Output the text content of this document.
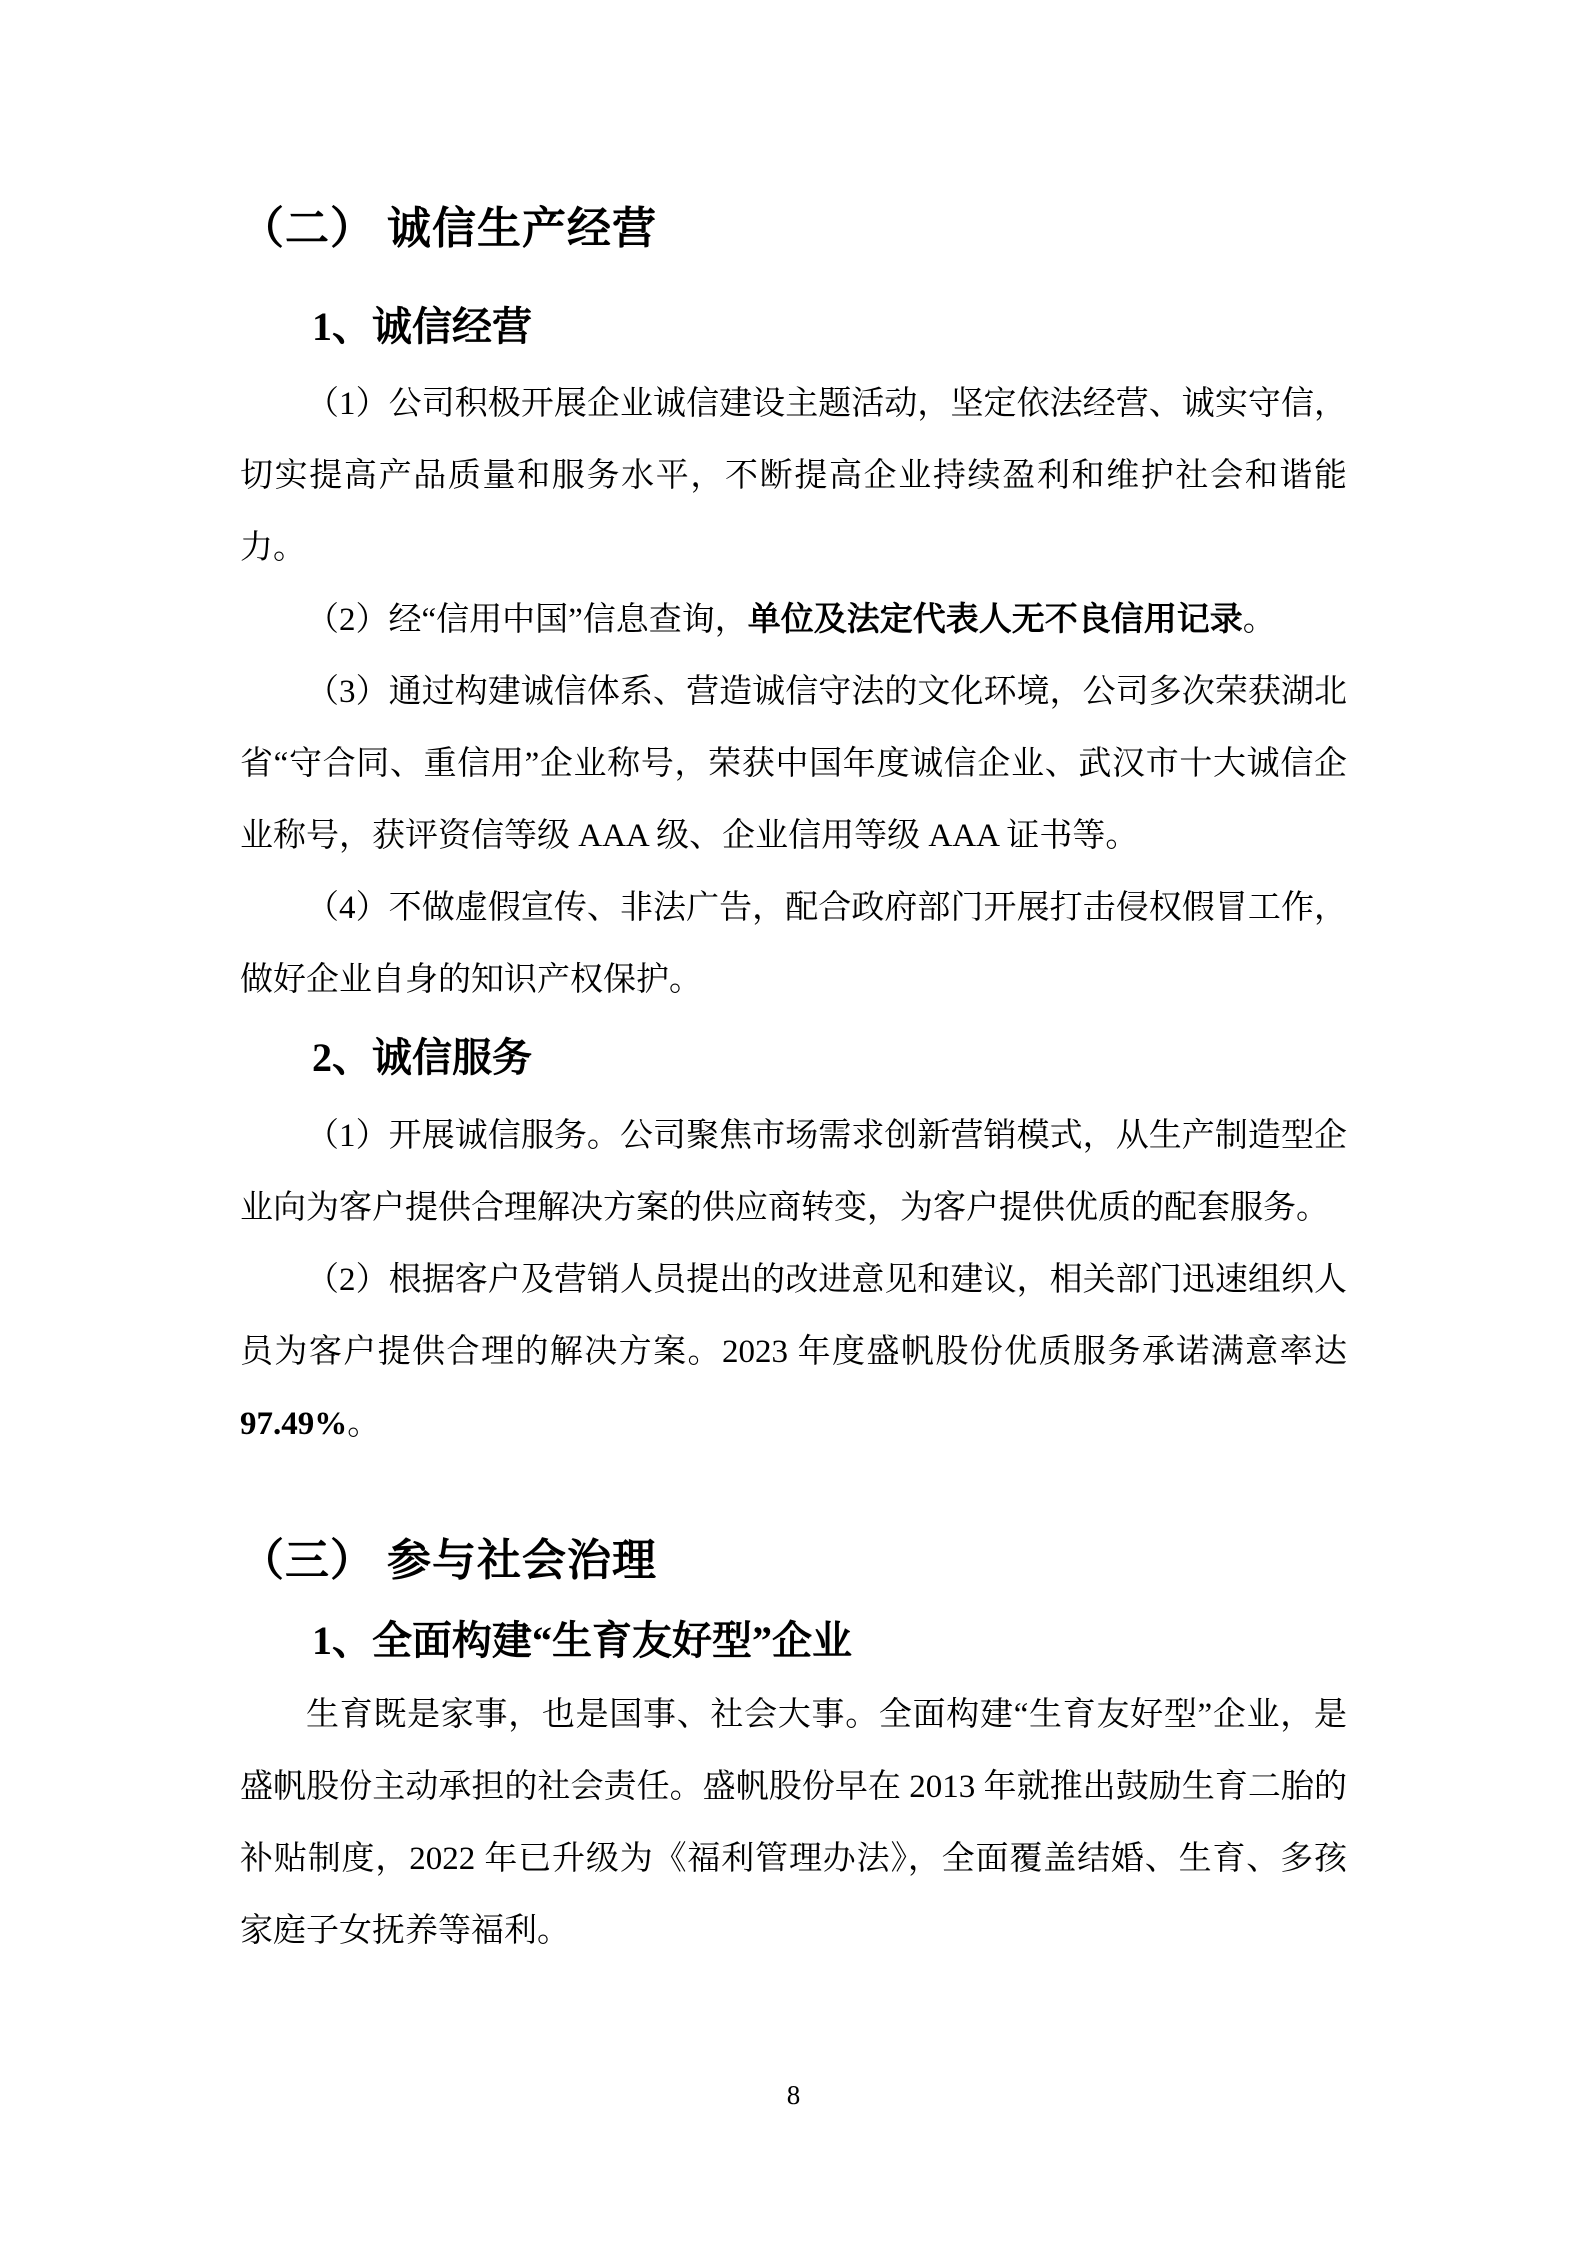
（二） 诚信生产经营
1、诚信经营

（1）公司积极开展企业诚信建设主题活动，坚定依法经营、诚实守信，切实提高产品质量和服务水平，不断提高企业持续盈利和维护社会和谐能力。

（2）经“信用中国”信息查询，单位及法定代表人无不良信用记录。

（3）通过构建诚信体系、营造诚信守法的文化环境，公司多次荣获湖北省“守合同、重信用”企业称号，荣获中国年度诚信企业、武汉市十大诚信企业称号，获评资信等级 AAA 级、企业信用等级 AAA 证书等。

（4）不做虚假宣传、非法广告，配合政府部门开展打击侵权假冒工作，做好企业自身的知识产权保护。

2、诚信服务

（1）开展诚信服务。公司聚焦市场需求创新营销模式，从生产制造型企业向为客户提供合理解决方案的供应商转变，为客户提供优质的配套服务。

（2）根据客户及营销人员提出的改进意见和建议，相关部门迅速组织人员为客户提供合理的解决方案。2023 年度盛帆股份优质服务承诺满意率达97.49%。

（三） 参与社会治理
1、全面构建“生育友好型”企业

生育既是家事，也是国事、社会大事。全面构建“生育友好型”企业，是盛帆股份主动承担的社会责任。盛帆股份早在 2013 年就推出鼓励生育二胎的补贴制度，2022 年已升级为《福利管理办法》，全面覆盖结婚、生育、多孩家庭子女抚养等福利。

8
